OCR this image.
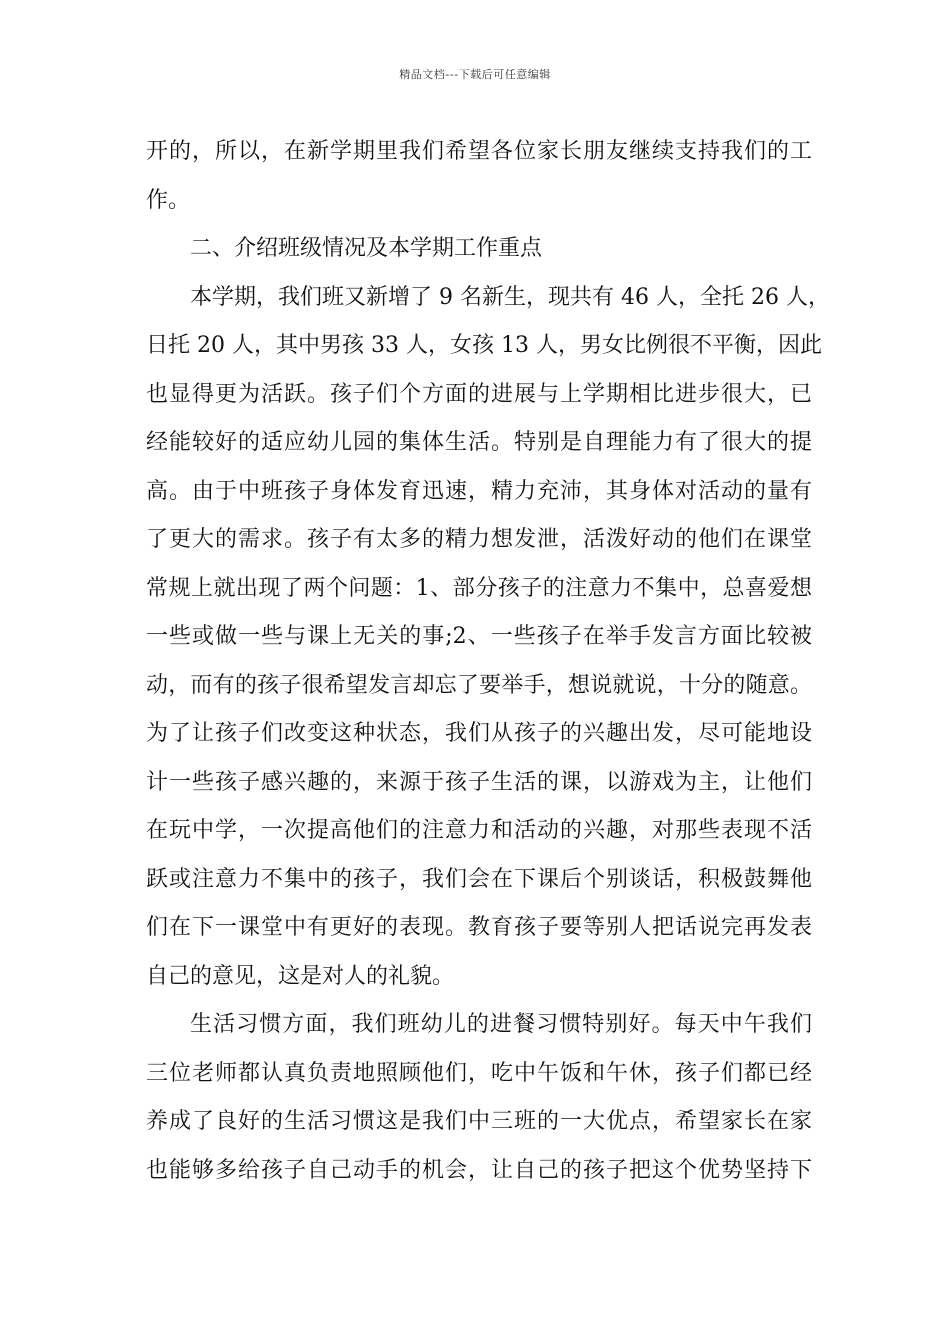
精品文档---下载后可任意编辑

开的，所以，在新学期里我们希望各位家长朋友继续支持我们的工
作。

二、介绍班级情况及本学期工作重点

本学期，我们班又新增了 9 名新生，现共有 46 人，全托 26 人，
日托 20 人，其中男孩 33 人，女孩 13 人，男女比例很不平衡，因此
也显得更为活跃。孩子们个方面的进展与上学期相比进步很大，已
经能较好的适应幼儿园的集体生活。特别是自理能力有了很大的提
高。由于中班孩子身体发育迅速，精力充沛，其身体对活动的量有
了更大的需求。孩子有太多的精力想发泄，活泼好动的他们在课堂
常规上就出现了两个问题：1、部分孩子的注意力不集中，总喜爱想
一些或做一些与课上无关的事;2、一些孩子在举手发言方面比较被
动，而有的孩子很希望发言却忘了要举手，想说就说，十分的随意。
为了让孩子们改变这种状态，我们从孩子的兴趣出发，尽可能地设
计一些孩子感兴趣的，来源于孩子生活的课，以游戏为主，让他们
在玩中学，一次提高他们的注意力和活动的兴趣，对那些表现不活
跃或注意力不集中的孩子，我们会在下课后个别谈话，积极鼓舞他
们在下一课堂中有更好的表现。教育孩子要等别人把话说完再发表
自己的意见，这是对人的礼貌。

生活习惯方面，我们班幼儿的进餐习惯特别好。每天中午我们
三位老师都认真负责地照顾他们，吃中午饭和午休，孩子们都已经
养成了良好的生活习惯这是我们中三班的一大优点，希望家长在家
也能够多给孩子自己动手的机会，让自己的孩子把这个优势坚持下
